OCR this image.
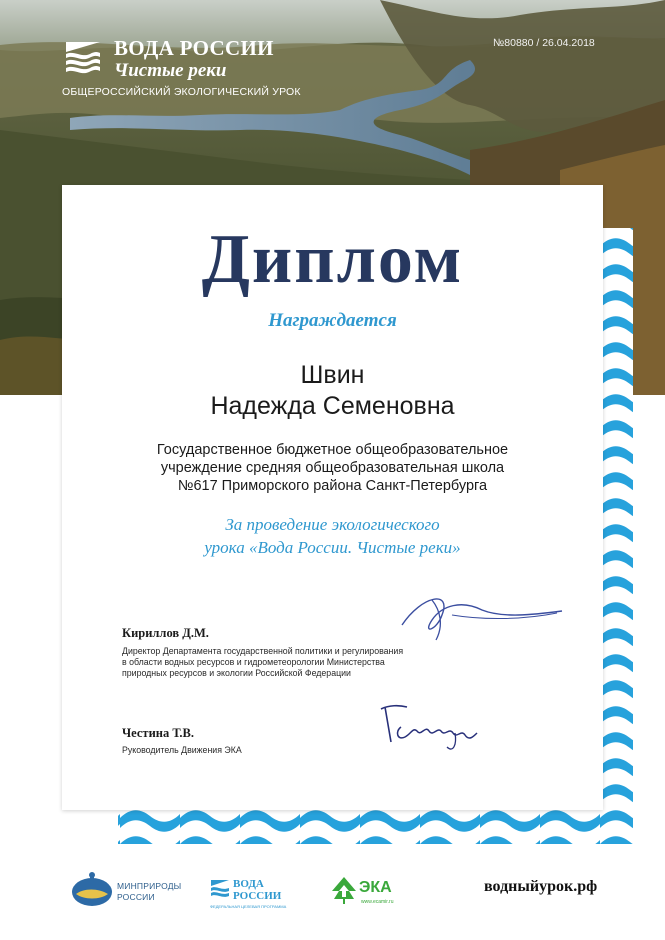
ВОДА РОССИИ
Чистые реки
ОБЩЕРОССИЙСКИЙ ЭКОЛОГИЧЕСКИЙ УРОК
№80880 / 26.04.2018
Диплом
Награждается
Швин
Надежда Семеновна
Государственное бюджетное общеобразовательное
учреждение средняя общеобразовательная школа
№617 Приморского района Санкт-Петербурга
За проведение экологического
урока «Вода России. Чистые реки»
Кириллов Д.М.
Директор Департамента государственной политики и регулирования
в области водных ресурсов и гидрометеорологии Министерства
природных ресурсов и экологии Российской Федерации
Честина Т.В.
Руководитель Движения ЭКА
МИНПРИРОДЫ
РОССИИ
ВОДА
РОССИИ
ФЕДЕРАЛЬНАЯ ЦЕЛЕВАЯ ПРОГРАММА
ЭКА
www.ecamir.ru
водныйурок.рф
